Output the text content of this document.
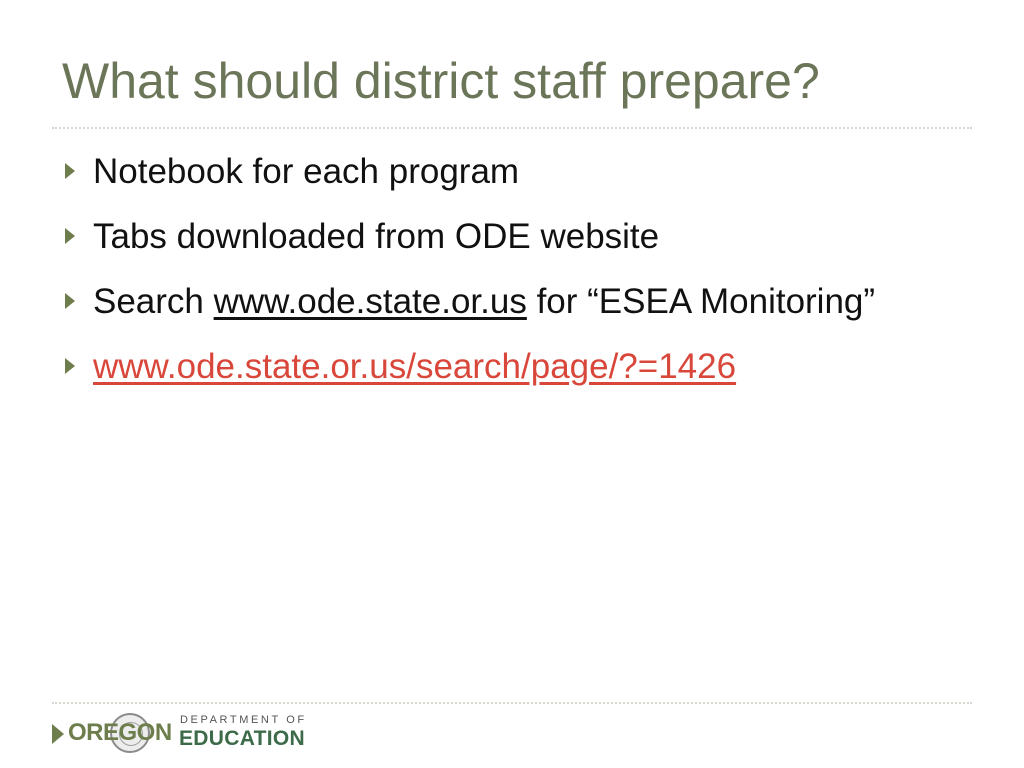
What should district staff prepare?
Notebook for each program
Tabs downloaded from ODE website
Search www.ode.state.or.us for “ESEA Monitoring”
www.ode.state.or.us/search/page/?=1426
OREGON DEPARTMENT OF
EDUCATION
